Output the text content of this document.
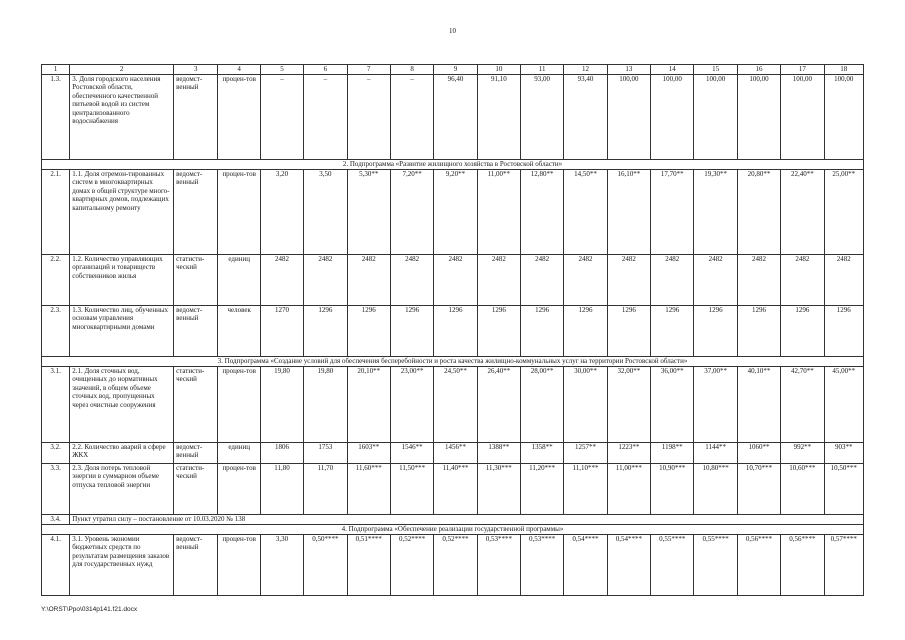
10
1	2	3	4	5	6	7	8	9	10	11	12	13	14	15	16	17	18
1.3.	3. Доля городского населения Ростовской области, обеспеченного качественной питьевой водой из систем централизованного водоснабжения	ведомст-венный	процен-тов	–	–	–	–	96,40	91,10	93,00	93,40	100,00	100,00	100,00	100,00	100,00	100,00
2. Подпрограмма «Развитие жилищного хозяйства в Ростовской области»																	
2.1.	1.1. Доля отремон-тированных систем в многоквартирных домах в общей структуре много-квартирных домов, подлежащих капитальному ремонту	ведомст-венный	процен-тов	3,20	3,50	5,30**	7,20**	9,20**	11,00**	12,80**	14,50**	16,10**	17,70**	19,30**	20,80**	22,40**	25,00**
2.2.	1.2. Количество управляющих организаций и товариществ собственников жилья	статисти-ческий	единиц	2482	2482	2482	2482	2482	2482	2482	2482	2482	2482	2482	2482	2482	2482
2.3.	1.3. Количество лиц, обученных основам управления многоквартирными домами	ведомст-венный	человек	1270	1296	1296	1296	1296	1296	1296	1296	1296	1296	1296	1296	1296	1296
3. Подпрограмма «Создание условий для обеспечения бесперебойности и роста качества жилищно-коммунальных услуг на территории Ростовской области»																	
3.1.	2.1. Доля сточных вод, очищенных до нормативных значений, в общем объеме сточных вод, пропущенных через очистные сооружения	статисти-ческий	процен-тов	19,80	19,80	20,10**	23,00**	24,50**	26,40**	28,00**	30,00**	32,00**	36,00**	37,00**	40,10**	42,70**	45,00**
3.2.	2.2. Количество аварий в сфере ЖКХ	ведомст-венный	единиц	1806	1753	1603**	1546**	1456**	1388**	1358**	1257**	1223**	1198**	1144**	1060**	992**	903**
3.3.	2.3. Доля потерь тепловой энергии в суммарном объеме отпуска тепловой энергии	статисти-ческий	процен-тов	11,80	11,70	11,60***	11,50***	11,40***	11,30***	11,20***	11,10***	11,00***	10,90***	10,80***	10,70***	10,60***	10,50***
3.4.	Пункт утратил силу – постановление от 10.03.2020 № 138																
4. Подпрограмма «Обеспечение реализации государственной программы»																	
4.1.	3.1. Уровень экономии бюджетных средств по результатам размещения заказов для государственных нужд	ведомст-венный	процен-тов	3,30	0,50****	0,51****	0,52****	0,52****	0,53****	0,53****	0,54****	0,54****	0,55****	0,55****	0,56****	0,56****	0,57****
Y:\ORST\Ppo\0314p141.f21.docx
